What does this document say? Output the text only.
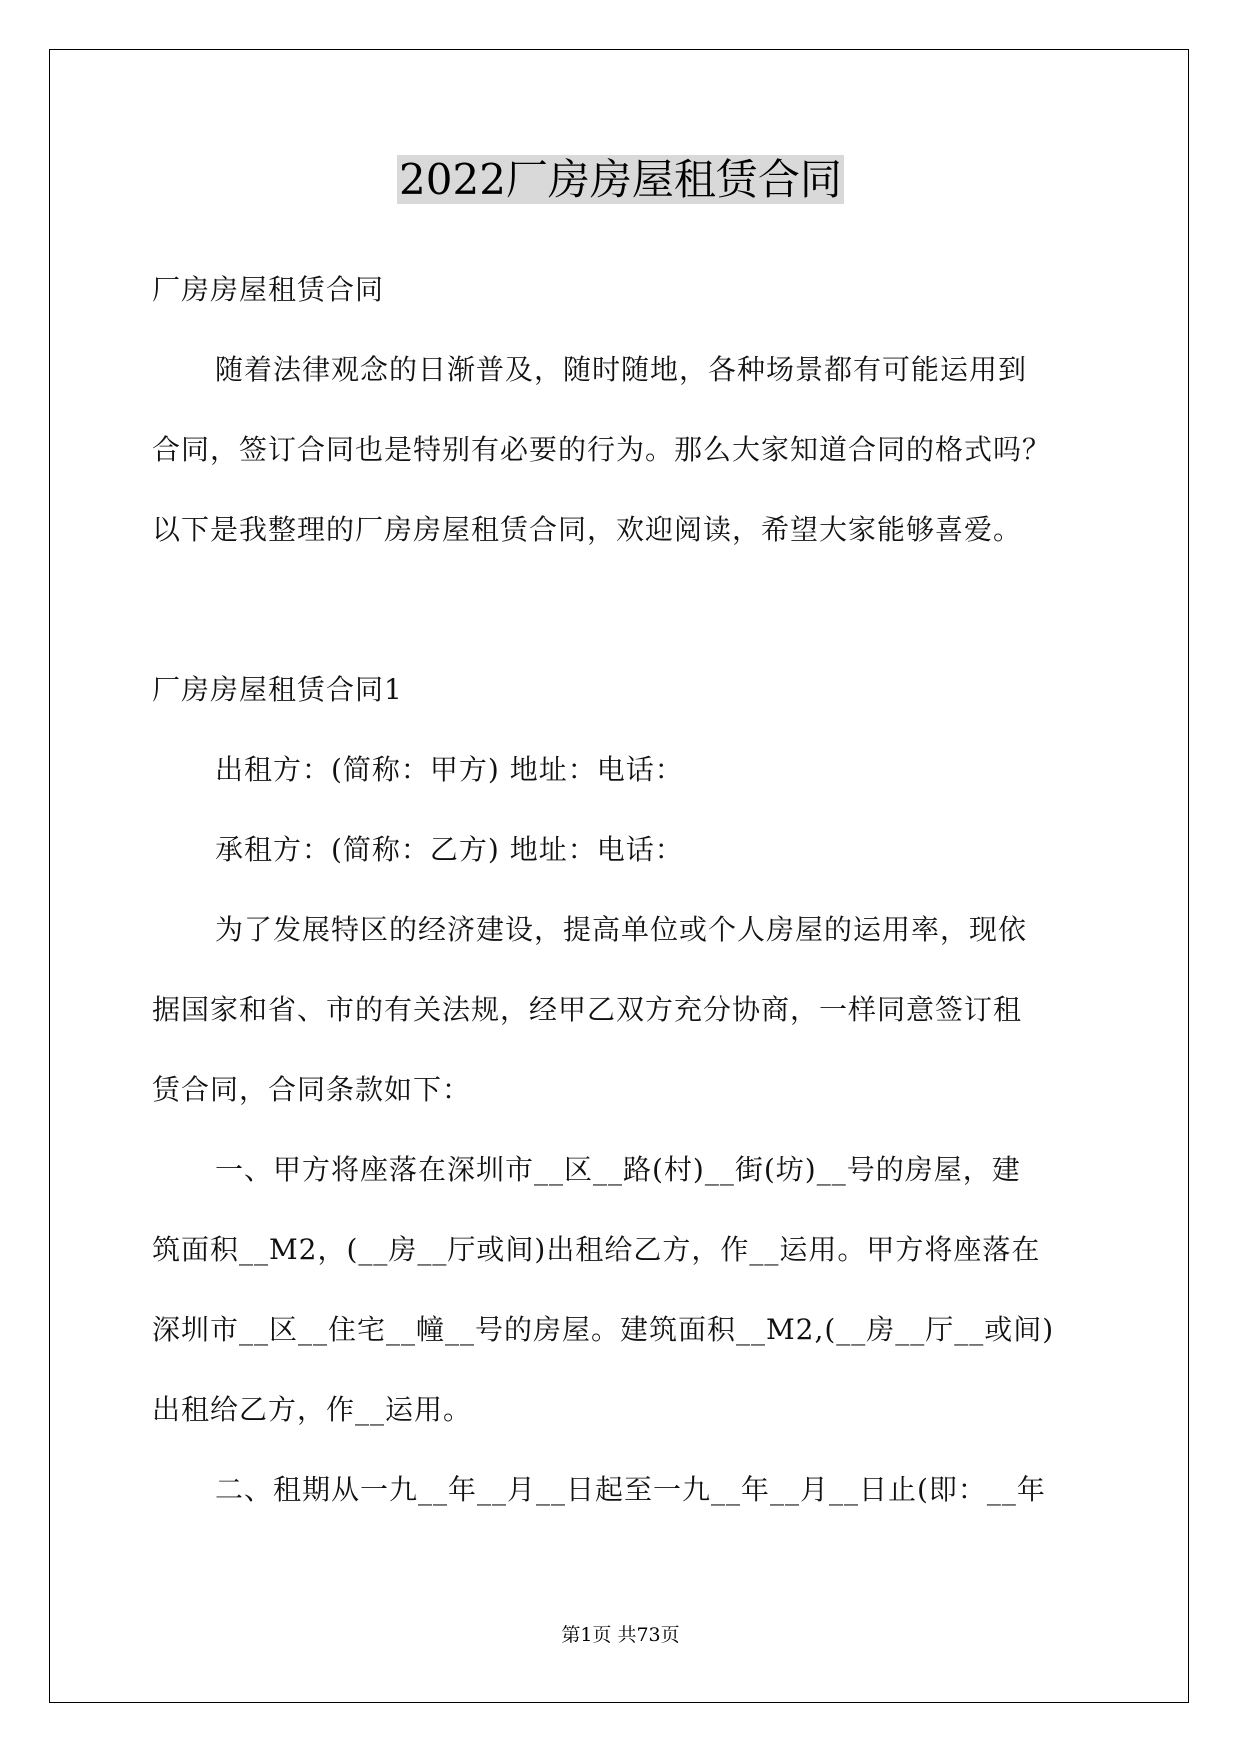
2022厂房房屋租赁合同
厂房房屋租赁合同
随着法律观念的日渐普及，随时随地，各种场景都有可能运用到
合同，签订合同也是特别有必要的行为。那么大家知道合同的格式吗？
以下是我整理的厂房房屋租赁合同，欢迎阅读，希望大家能够喜爱。
厂房房屋租赁合同1
出租方：(简称：甲方) 地址：电话：
承租方：(简称：乙方) 地址：电话：
为了发展特区的经济建设，提高单位或个人房屋的运用率，现依
据国家和省、市的有关法规，经甲乙双方充分协商，一样同意签订租
赁合同，合同条款如下：
一、甲方将座落在深圳市__区__路(村)__街(坊)__号的房屋，建
筑面积__M2，(__房__厅或间)出租给乙方，作__运用。甲方将座落在
深圳市__区__住宅__幢__号的房屋。建筑面积__M2,(__房__厅__或间)
出租给乙方，作__运用。
二、租期从一九__年__月__日起至一九__年__月__日止(即：__年
第1页 共73页
